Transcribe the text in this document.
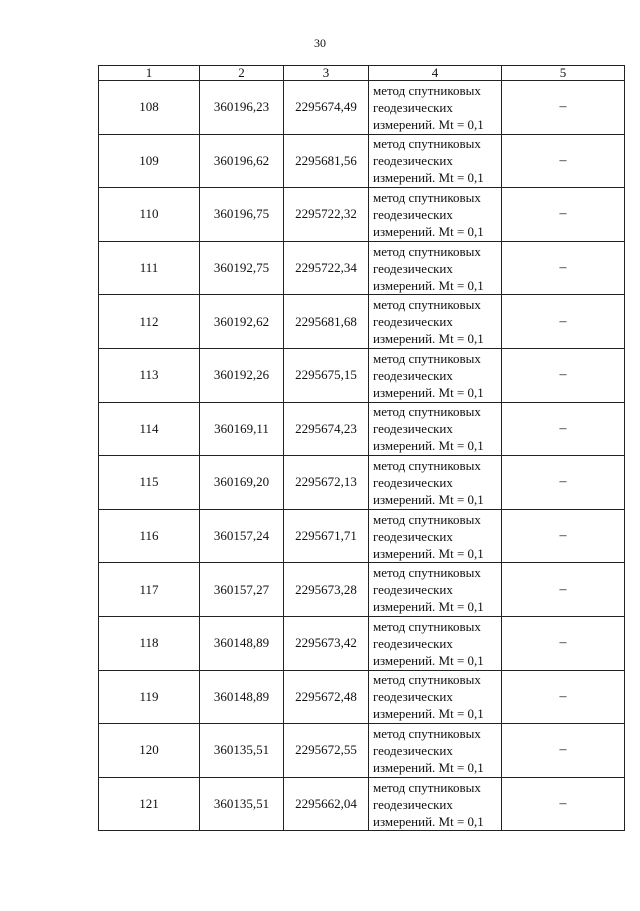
30
1	2	3	4	5
108	360196,23	2295674,49	метод спутниковых
геодезических
измерений. Mt = 0,1	–
109	360196,62	2295681,56	метод спутниковых
геодезических
измерений. Mt = 0,1	–
110	360196,75	2295722,32	метод спутниковых
геодезических
измерений. Mt = 0,1	–
111	360192,75	2295722,34	метод спутниковых
геодезических
измерений. Mt = 0,1	–
112	360192,62	2295681,68	метод спутниковых
геодезических
измерений. Mt = 0,1	–
113	360192,26	2295675,15	метод спутниковых
геодезических
измерений. Mt = 0,1	–
114	360169,11	2295674,23	метод спутниковых
геодезических
измерений. Mt = 0,1	–
115	360169,20	2295672,13	метод спутниковых
геодезических
измерений. Mt = 0,1	–
116	360157,24	2295671,71	метод спутниковых
геодезических
измерений. Mt = 0,1	–
117	360157,27	2295673,28	метод спутниковых
геодезических
измерений. Mt = 0,1	–
118	360148,89	2295673,42	метод спутниковых
геодезических
измерений. Mt = 0,1	–
119	360148,89	2295672,48	метод спутниковых
геодезических
измерений. Mt = 0,1	–
120	360135,51	2295672,55	метод спутниковых
геодезических
измерений. Mt = 0,1	–
121	360135,51	2295662,04	метод спутниковых
геодезических
измерений. Mt = 0,1	–
